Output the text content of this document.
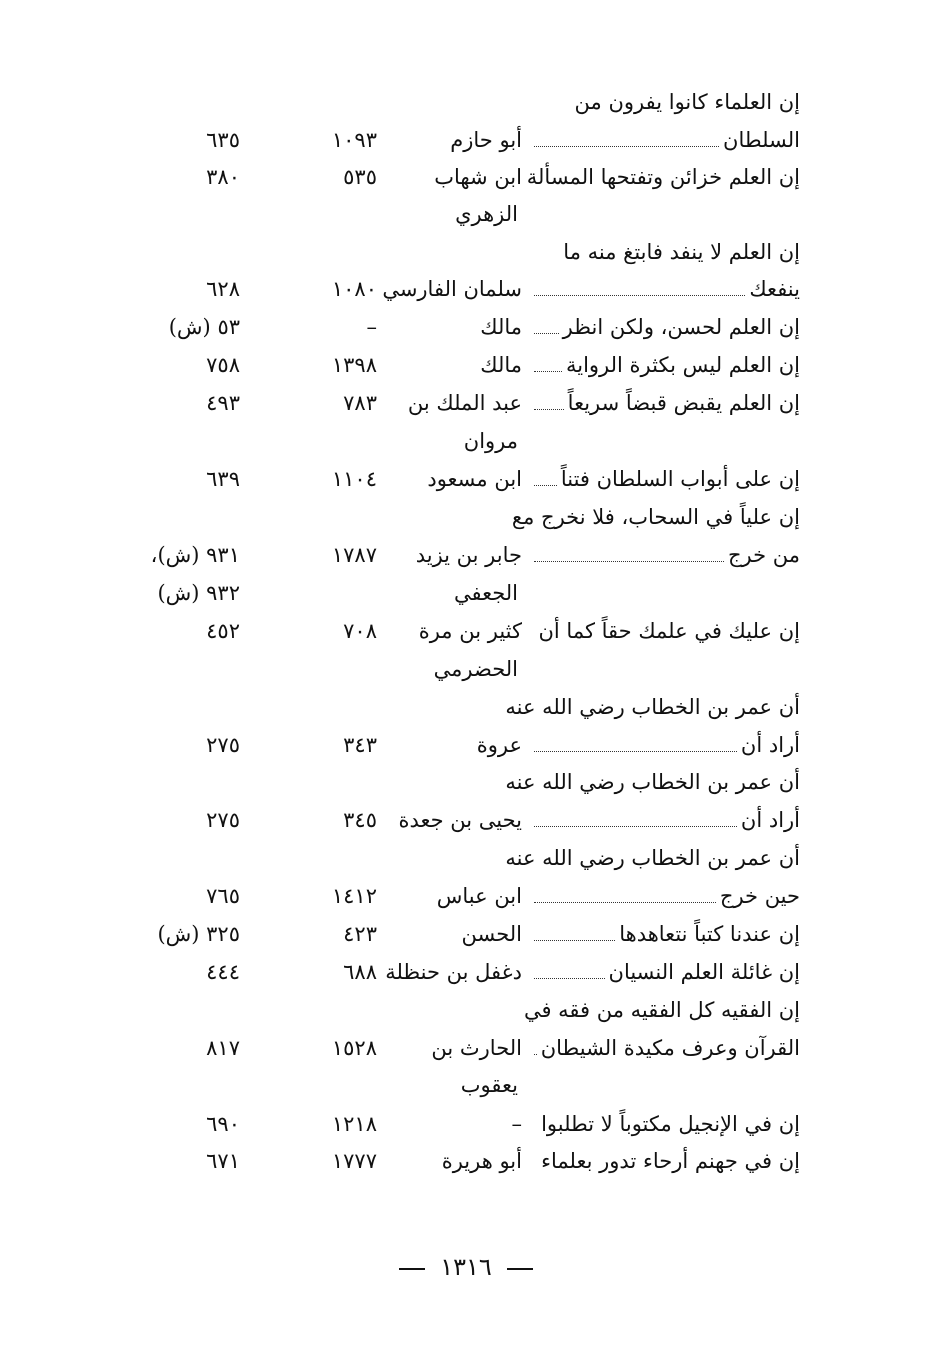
إن العلماء كانوا يفرون من
السلطان
أبو حازم
١٠٩٣
٦٣٥
إن العلم خزائن وتفتحها المسألة
ابن شهاب
٥٣٥
٣٨٠
الزهري
إن العلم لا ينفد فابتغ منه ما
ينفعك
سلمان الفارسي
١٠٨٠
٦٢٨
إن العلم لحسن، ولكن انظر
مالك
–
٥٣ (ش)
إن العلم ليس بكثرة الرواية
مالك
١٣٩٨
٧٥٨
إن العلم يقبض قبضاً سريعاً
عبد الملك بن
٧٨٣
٤٩٣
مروان
إن على أبواب السلطان فتناً
ابن مسعود
١١٠٤
٦٣٩
إن علياً في السحاب، فلا نخرج مع
من خرج
جابر بن يزيد
١٧٨٧
٩٣١ (ش)،
الجعفي
٩٣٢ (ش)
إن عليك في علمك حقاً كما أن
كثير بن مرة
٧٠٨
٤٥٢
الحضرمي
أن عمر بن الخطاب رضي الله عنه
أراد أن
عروة
٣٤٣
٢٧٥
أن عمر بن الخطاب رضي الله عنه
أراد أن
يحيى بن جعدة
٣٤٥
٢٧٥
أن عمر بن الخطاب رضي الله عنه
حين خرج
ابن عباس
١٤١٢
٧٦٥
إن عندنا كتباً نتعاهدها
الحسن
٤٢٣
٣٢٥ (ش)
إن غائلة العلم النسيان
دغفل بن حنظلة
٦٨٨
٤٤٤
إن الفقيه كل الفقيه من فقه في
القرآن وعرف مكيدة الشيطان
الحارث بن
١٥٢٨
٨١٧
يعقوب
إن في الإنجيل مكتوباً لا تطلبوا
–
١٢١٨
٦٩٠
إن في جهنم أرحاء تدور بعلماء
أبو هريرة
١٧٧٧
٦٧١
١٣١٦
